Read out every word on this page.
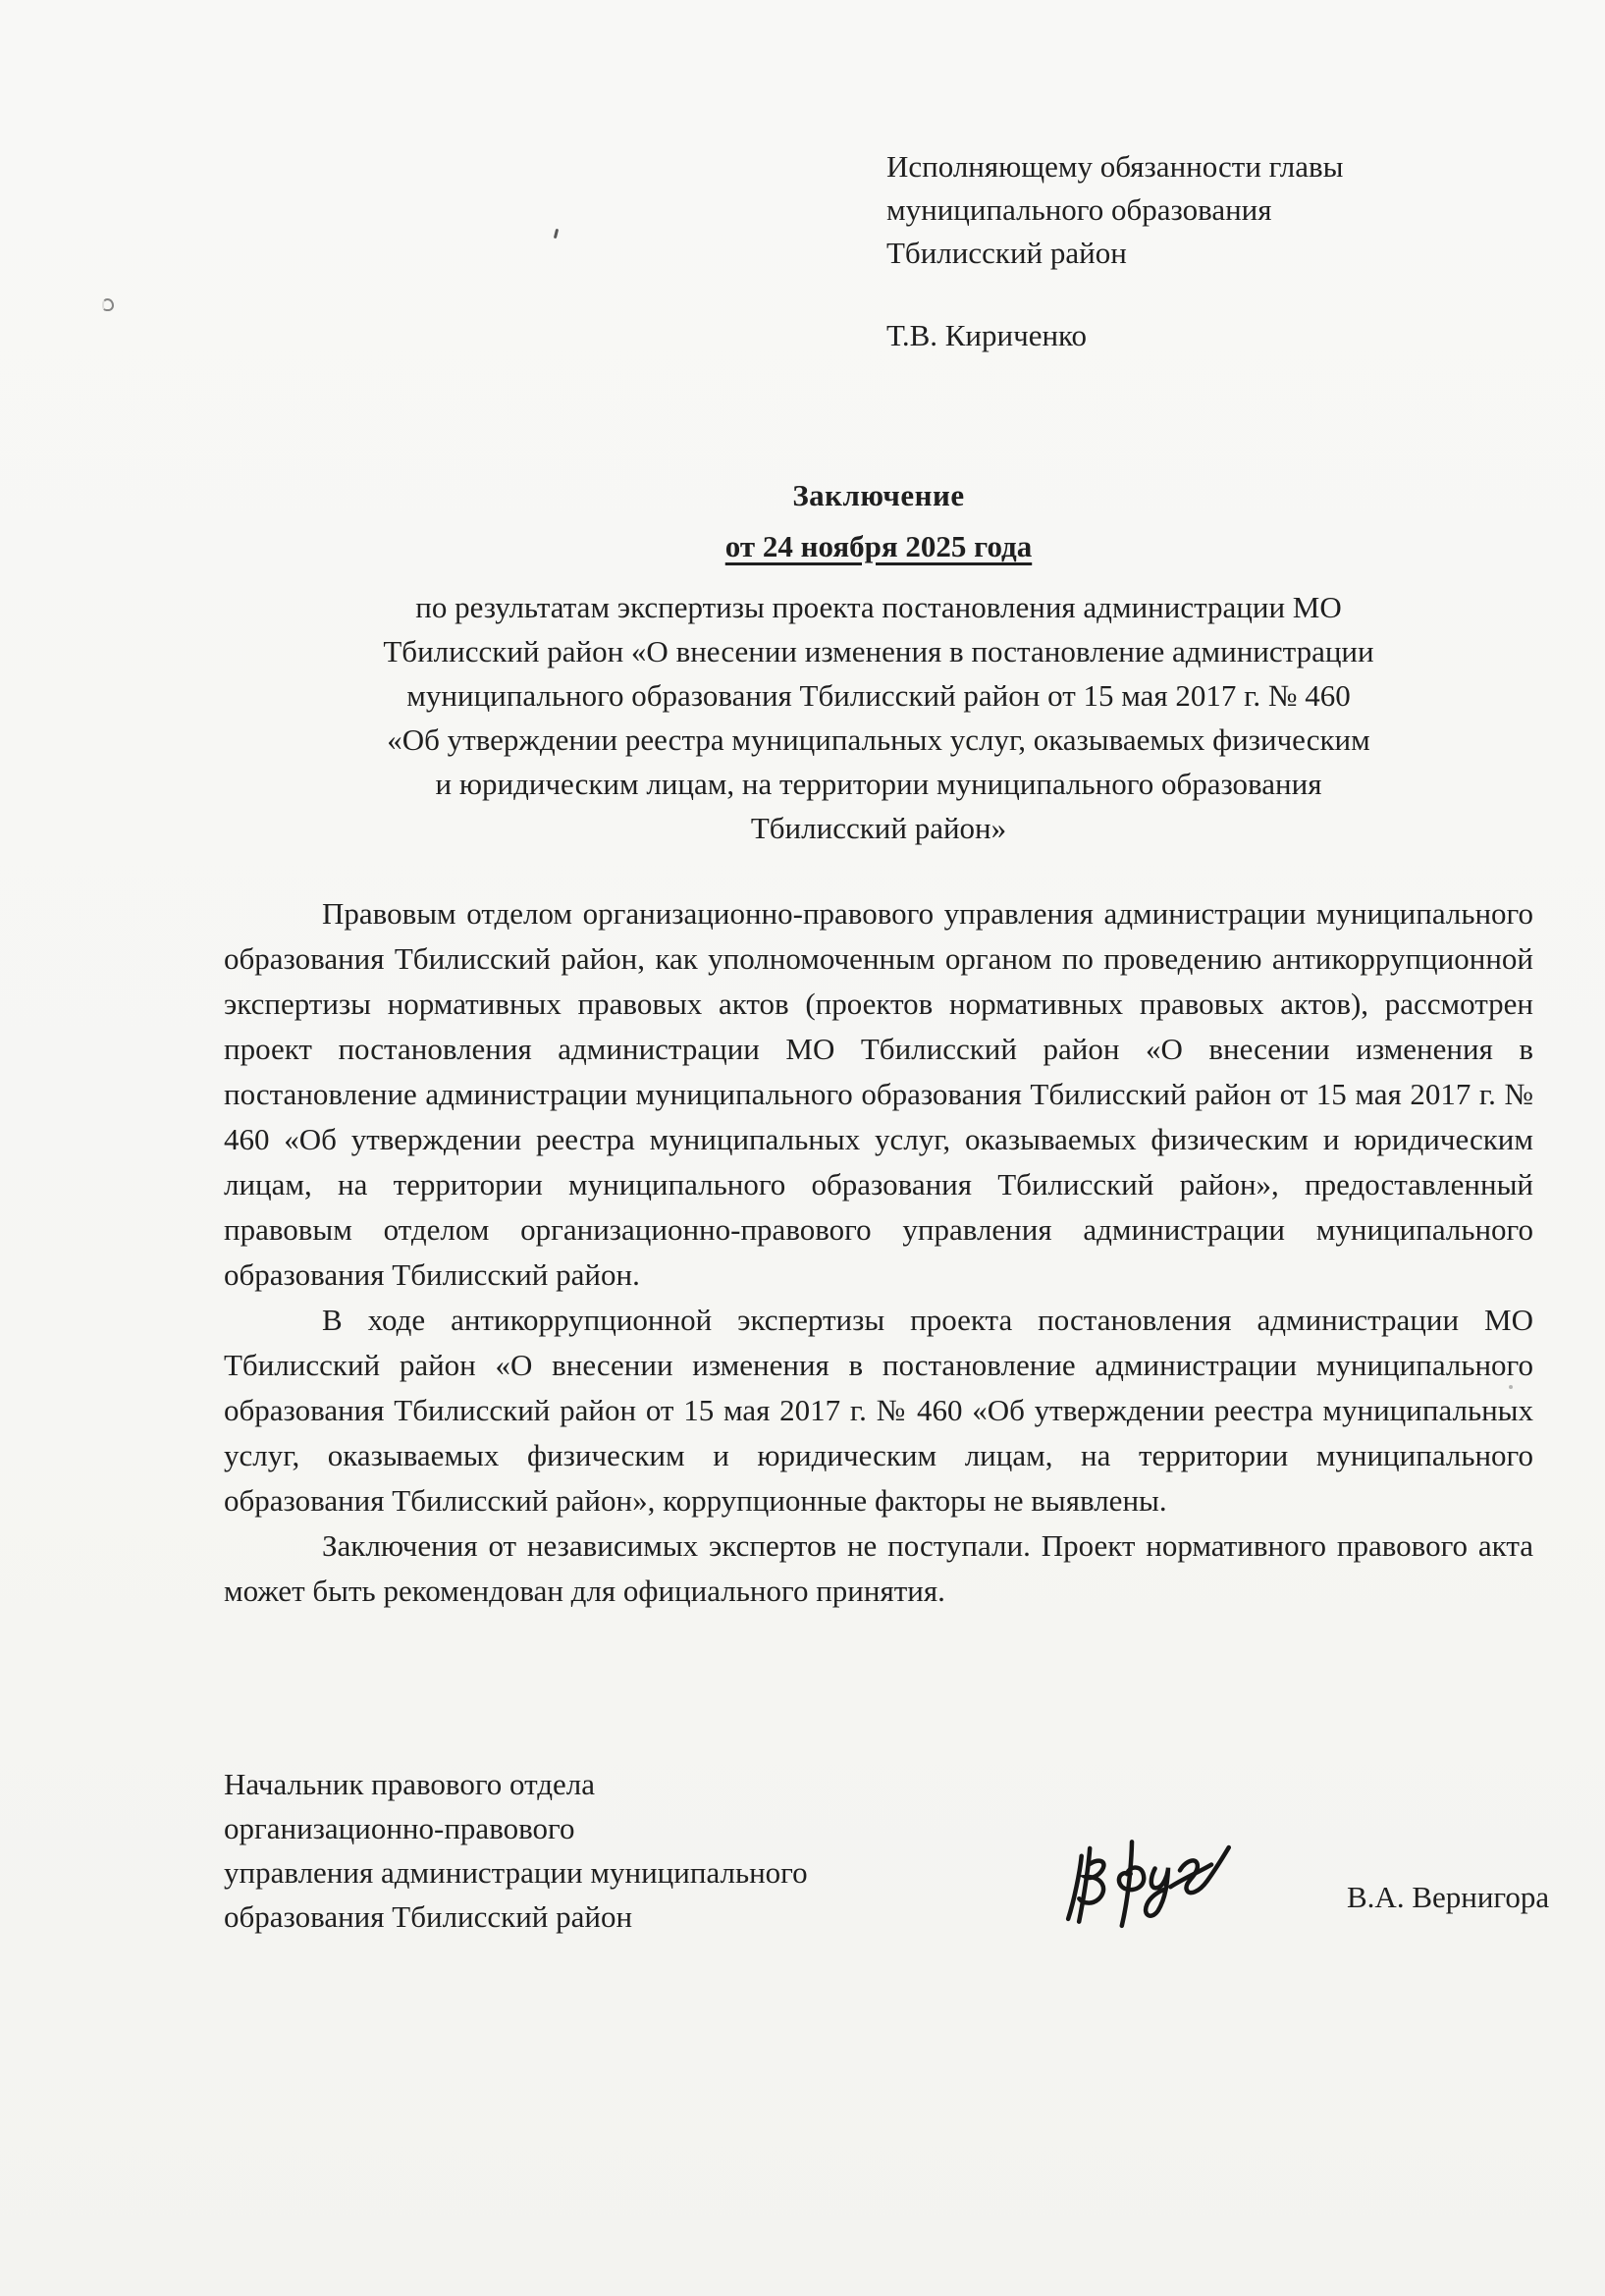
Исполняющему обязанности главы
муниципального образования
Тбилисский район
Т.В. Кириченко
Заключение
от 24 ноября 2025 года
по результатам экспертизы проекта постановления администрации МО
Тбилисский район «О внесении изменения в постановление администрации
муниципального образования Тбилисский район от 15 мая 2017 г. № 460
«Об утверждении реестра муниципальных услуг, оказываемых физическим
и юридическим лицам, на территории муниципального образования
Тбилисский район»

Правовым отделом организационно-правового управления администрации муниципального образования Тбилисский район, как уполномоченным органом по проведению антикоррупционной экспертизы нормативных правовых актов (проектов нормативных правовых актов), рассмотрен проект постановления администрации МО Тбилисский район «О внесении изменения в постановление администрации муниципального образования Тбилисский район от 15 мая 2017 г. № 460 «Об утверждении реестра муниципальных услуг, оказываемых физическим и юридическим лицам, на территории муниципального образования Тбилисский район», предоставленный правовым отделом организационно-правового управления администрации муниципального образования Тбилисский район.

В ходе антикоррупционной экспертизы проекта постановления администрации МО Тбилисский район «О внесении изменения в постановление администрации муниципального образования Тбилисский район от 15 мая 2017 г. № 460 «Об утверждении реестра муниципальных услуг, оказываемых физическим и юридическим лицам, на территории муниципального образования Тбилисский район», коррупционные факторы не выявлены.

Заключения от независимых экспертов не поступали. Проект нормативного правового акта может быть рекомендован для официального принятия.

Начальник правового отдела
организационно-правового
управления администрации муниципального
образования Тбилисский район
В.А. Вернигора
